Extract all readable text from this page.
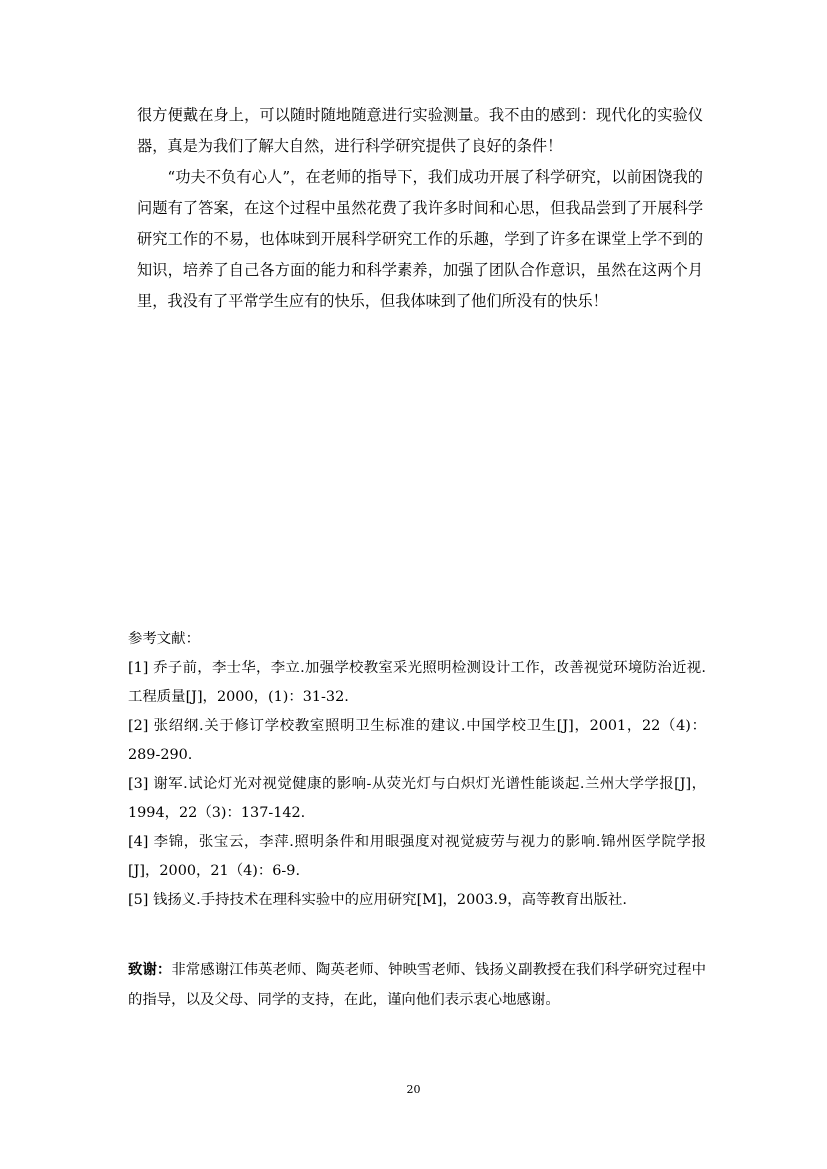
很方便戴在身上，可以随时随地随意进行实验测量。我不由的感到：现代化的实验仪器，真是为我们了解大自然，进行科学研究提供了良好的条件！

“功夫不负有心人”，在老师的指导下，我们成功开展了科学研究，以前困饶我的问题有了答案，在这个过程中虽然花费了我许多时间和心思，但我品尝到了开展科学研究工作的不易，也体味到开展科学研究工作的乐趣，学到了许多在课堂上学不到的知识，培养了自己各方面的能力和科学素养，加强了团队合作意识，虽然在这两个月里，我没有了平常学生应有的快乐，但我体味到了他们所没有的快乐！

参考文献：

[1] 乔子前，李士华，李立.加强学校教室采光照明检测设计工作，改善视觉环境防治近视.工程质量[J]，2000，(1)：31-32.
[2] 张绍纲.关于修订学校教室照明卫生标准的建议.中国学校卫生[J]，2001，22（4)：289-290.
[3] 谢军.试论灯光对视觉健康的影响-从荧光灯与白炽灯光谱性能谈起.兰州大学学报[J]，1994，22（3)：137-142.
[4] 李锦，张宝云，李萍.照明条件和用眼强度对视觉疲劳与视力的影响.锦州医学院学报[J]，2000，21（4)：6-9.
[5] 钱扬义.手持技术在理科实验中的应用研究[M]，2003.9，高等教育出版社.

致谢：非常感谢江伟英老师、陶英老师、钟映雪老师、钱扬义副教授在我们科学研究过程中的指导，以及父母、同学的支持，在此，谨向他们表示衷心地感谢。

20
